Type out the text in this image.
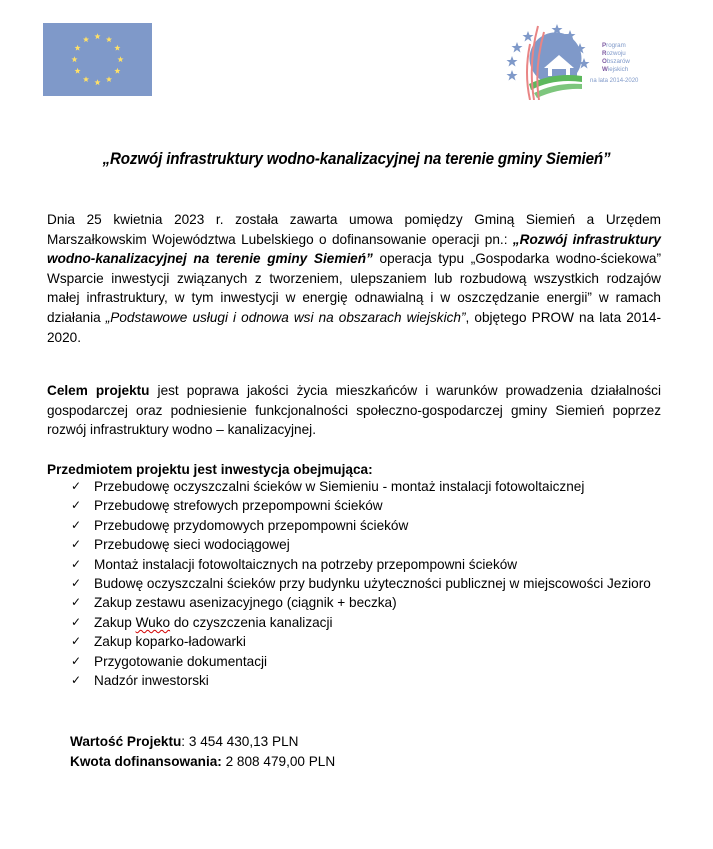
Program
Rozwoju
Obszarów
Wiejskich
na lata 2014-2020
„Rozwój infrastruktury wodno-kanalizacyjnej na terenie gminy Siemień”
Dnia 25 kwietnia 2023 r. została zawarta umowa pomiędzy Gminą Siemień a Urzędem Marszałkowskim Województwa Lubelskiego o dofinansowanie operacji pn.: „Rozwój infrastruktury wodno-kanalizacyjnej na terenie gminy Siemień” operacja typu „Gospodarka wodno-ściekowa” Wsparcie inwestycji związanych z tworzeniem, ulepszaniem lub rozbudową wszystkich rodzajów małej infrastruktury, w tym inwestycji w energię odnawialną i w oszczędzanie energii” w ramach działania „Podstawowe usługi i odnowa wsi na obszarach wiejskich”, objętego PROW na lata 2014-2020.
Celem projektu jest poprawa jakości życia mieszkańców i warunków prowadzenia działalności gospodarczej oraz podniesienie funkcjonalności społeczno-gospodarczej gminy Siemień poprzez rozwój infrastruktury wodno – kanalizacyjnej.
Przedmiotem projektu jest inwestycja obejmująca:
✓ Przebudowę oczyszczalni ścieków w Siemieniu - montaż instalacji fotowoltaicznej
✓ Przebudowę strefowych przepompowni ścieków
✓ Przebudowę przydomowych przepompowni ścieków
✓ Przebudowę sieci wodociągowej
✓ Montaż instalacji fotowoltaicznych na potrzeby przepompowni ścieków
✓ Budowę oczyszczalni ścieków przy budynku użyteczności publicznej w miejscowości Jezioro
✓ Zakup zestawu asenizacyjnego (ciągnik + beczka)
✓ Zakup Wuko do czyszczenia kanalizacji
✓ Zakup koparko-ładowarki
✓ Przygotowanie dokumentacji
✓ Nadzór inwestorski
Wartość Projektu: 3 454 430,13 PLN
Kwota dofinansowania: 2 808 479,00 PLN
